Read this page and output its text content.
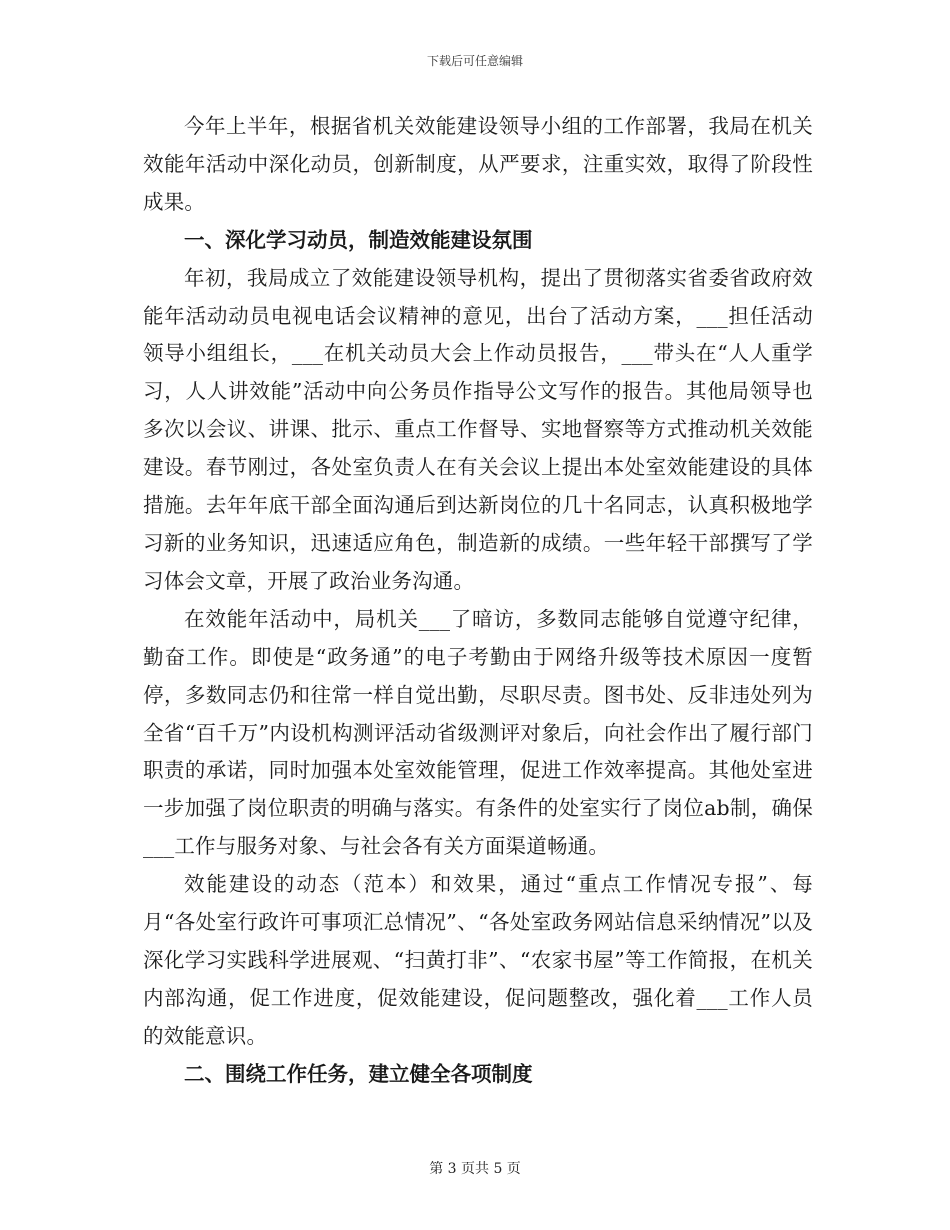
下载后可任意编辑

今年上半年，根据省机关效能建设领导小组的工作部署，我局在机关效能年活动中深化动员，创新制度，从严要求，注重实效，取得了阶段性成果。

一、深化学习动员，制造效能建设氛围

年初，我局成立了效能建设领导机构，提出了贯彻落实省委省政府效能年活动动员电视电话会议精神的意见，出台了活动方案，___担任活动领导小组组长，___在机关动员大会上作动员报告，___带头在“人人重学习，人人讲效能”活动中向公务员作指导公文写作的报告。其他局领导也多次以会议、讲课、批示、重点工作督导、实地督察等方式推动机关效能建设。春节刚过，各处室负责人在有关会议上提出本处室效能建设的具体措施。去年年底干部全面沟通后到达新岗位的几十名同志，认真积极地学习新的业务知识，迅速适应角色，制造新的成绩。一些年轻干部撰写了学习体会文章，开展了政治业务沟通。

在效能年活动中，局机关___了暗访，多数同志能够自觉遵守纪律，勤奋工作。即使是“政务通”的电子考勤由于网络升级等技术原因一度暂停，多数同志仍和往常一样自觉出勤，尽职尽责。图书处、反非违处列为全省“百千万”内设机构测评活动省级测评对象后，向社会作出了履行部门职责的承诺，同时加强本处室效能管理，促进工作效率提高。其他处室进一步加强了岗位职责的明确与落实。有条件的处室实行了岗位ab制，确保___工作与服务对象、与社会各有关方面渠道畅通。

效能建设的动态（范本）和效果，通过“重点工作情况专报”、每月“各处室行政许可事项汇总情况”、“各处室政务网站信息采纳情况”以及深化学习实践科学进展观、“扫黄打非”、“农家书屋”等工作简报，在机关内部沟通，促工作进度，促效能建设，促问题整改，强化着___工作人员的效能意识。

二、围绕工作任务，建立健全各项制度

第 3 页共 5 页
